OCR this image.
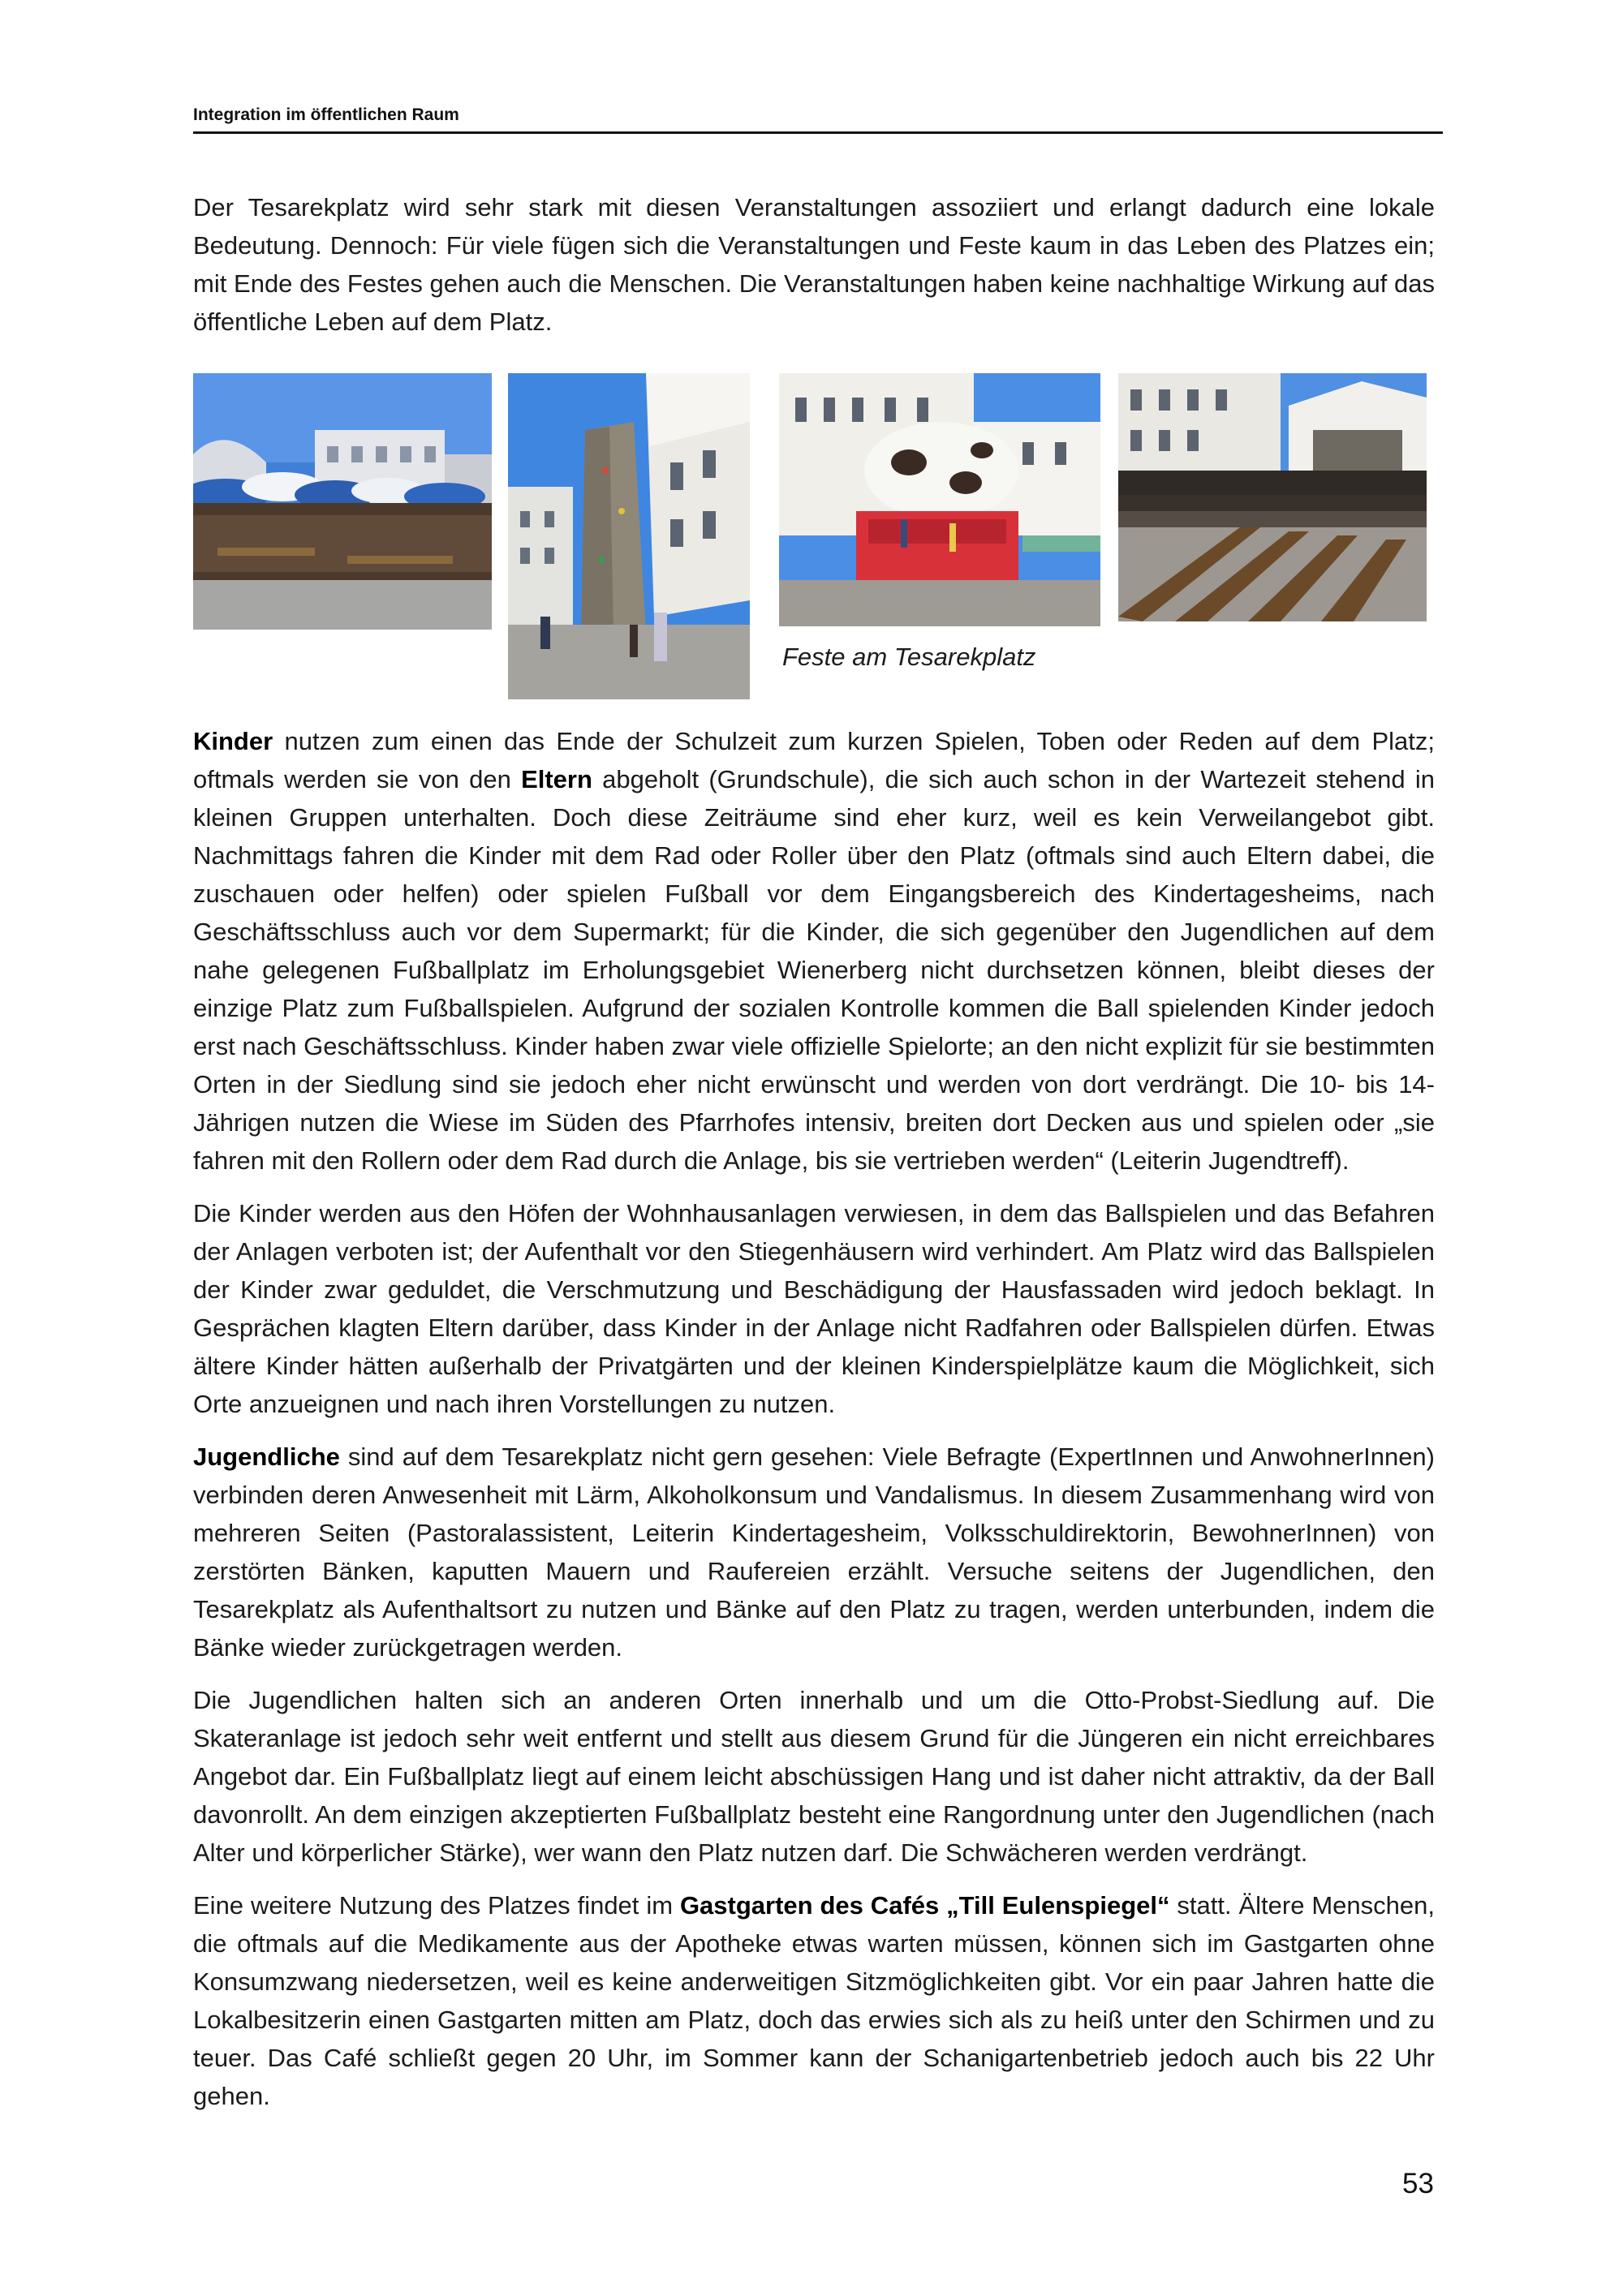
Integration im öffentlichen Raum

Der Tesarekplatz wird sehr stark mit diesen Veranstaltungen assoziiert und erlangt dadurch eine lokale Bedeutung. Dennoch: Für viele fügen sich die Veranstaltungen und Feste kaum in das Leben des Platzes ein; mit Ende des Festes gehen auch die Menschen. Die Veranstaltungen haben keine nachhaltige Wirkung auf das öffentliche Leben auf dem Platz.

Feste am Tesarekplatz

Kinder nutzen zum einen das Ende der Schulzeit zum kurzen Spielen, Toben oder Reden auf dem Platz; oftmals werden sie von den Eltern abgeholt (Grundschule), die sich auch schon in der Wartezeit stehend in kleinen Gruppen unterhalten. Doch diese Zeiträume sind eher kurz, weil es kein Verweilangebot gibt. Nachmittags fahren die Kinder mit dem Rad oder Roller über den Platz (oftmals sind auch Eltern dabei, die zuschauen oder helfen) oder spielen Fußball vor dem Eingangsbereich des Kindertagesheims, nach Geschäftsschluss auch vor dem Supermarkt; für die Kinder, die sich gegenüber den Jugendlichen auf dem nahe gelegenen Fußballplatz im Erholungsgebiet Wienerberg nicht durchsetzen können, bleibt dieses der einzige Platz zum Fußballspielen. Aufgrund der sozialen Kontrolle kommen die Ball spielenden Kinder jedoch erst nach Geschäftsschluss. Kinder haben zwar viele offizielle Spielorte; an den nicht explizit für sie bestimmten Orten in der Siedlung sind sie jedoch eher nicht erwünscht und werden von dort verdrängt. Die 10- bis 14-Jährigen nutzen die Wiese im Süden des Pfarrhofes intensiv, breiten dort Decken aus und spielen oder „sie fahren mit den Rollern oder dem Rad durch die Anlage, bis sie vertrieben werden“ (Leiterin Jugendtreff).

Die Kinder werden aus den Höfen der Wohnhausanlagen verwiesen, in dem das Ballspielen und das Befahren der Anlagen verboten ist; der Aufenthalt vor den Stiegenhäusern wird verhindert. Am Platz wird das Ballspielen der Kinder zwar geduldet, die Verschmutzung und Beschädigung der Hausfassaden wird jedoch beklagt. In Gesprächen klagten Eltern darüber, dass Kinder in der Anlage nicht Radfahren oder Ballspielen dürfen. Etwas ältere Kinder hätten außerhalb der Privatgärten und der kleinen Kinderspielplätze kaum die Möglichkeit, sich Orte anzueignen und nach ihren Vorstellungen zu nutzen.

Jugendliche sind auf dem Tesarekplatz nicht gern gesehen: Viele Befragte (ExpertInnen und AnwohnerInnen) verbinden deren Anwesenheit mit Lärm, Alkoholkonsum und Vandalismus. In diesem Zusammenhang wird von mehreren Seiten (Pastoralassistent, Leiterin Kindertagesheim, Volksschuldirektorin, BewohnerInnen) von zerstörten Bänken, kaputten Mauern und Raufereien erzählt. Versuche seitens der Jugendlichen, den Tesarekplatz als Aufenthaltsort zu nutzen und Bänke auf den Platz zu tragen, werden unterbunden, indem die Bänke wieder zurückgetragen werden.

Die Jugendlichen halten sich an anderen Orten innerhalb und um die Otto-Probst-Siedlung auf. Die Skateranlage ist jedoch sehr weit entfernt und stellt aus diesem Grund für die Jüngeren ein nicht erreichbares Angebot dar. Ein Fußballplatz liegt auf einem leicht abschüssigen Hang und ist daher nicht attraktiv, da der Ball davonrollt. An dem einzigen akzeptierten Fußballplatz besteht eine Rangordnung unter den Jugendlichen (nach Alter und körperlicher Stärke), wer wann den Platz nutzen darf. Die Schwächeren werden verdrängt.

Eine weitere Nutzung des Platzes findet im Gastgarten des Cafés „Till Eulenspiegel“ statt. Ältere Menschen, die oftmals auf die Medikamente aus der Apotheke etwas warten müssen, können sich im Gastgarten ohne Konsumzwang niedersetzen, weil es keine anderweitigen Sitzmöglichkeiten gibt. Vor ein paar Jahren hatte die Lokalbesitzerin einen Gastgarten mitten am Platz, doch das erwies sich als zu heiß unter den Schirmen und zu teuer. Das Café schließt gegen 20 Uhr, im Sommer kann der Schanigartenbetrieb jedoch auch bis 22 Uhr gehen.

53
